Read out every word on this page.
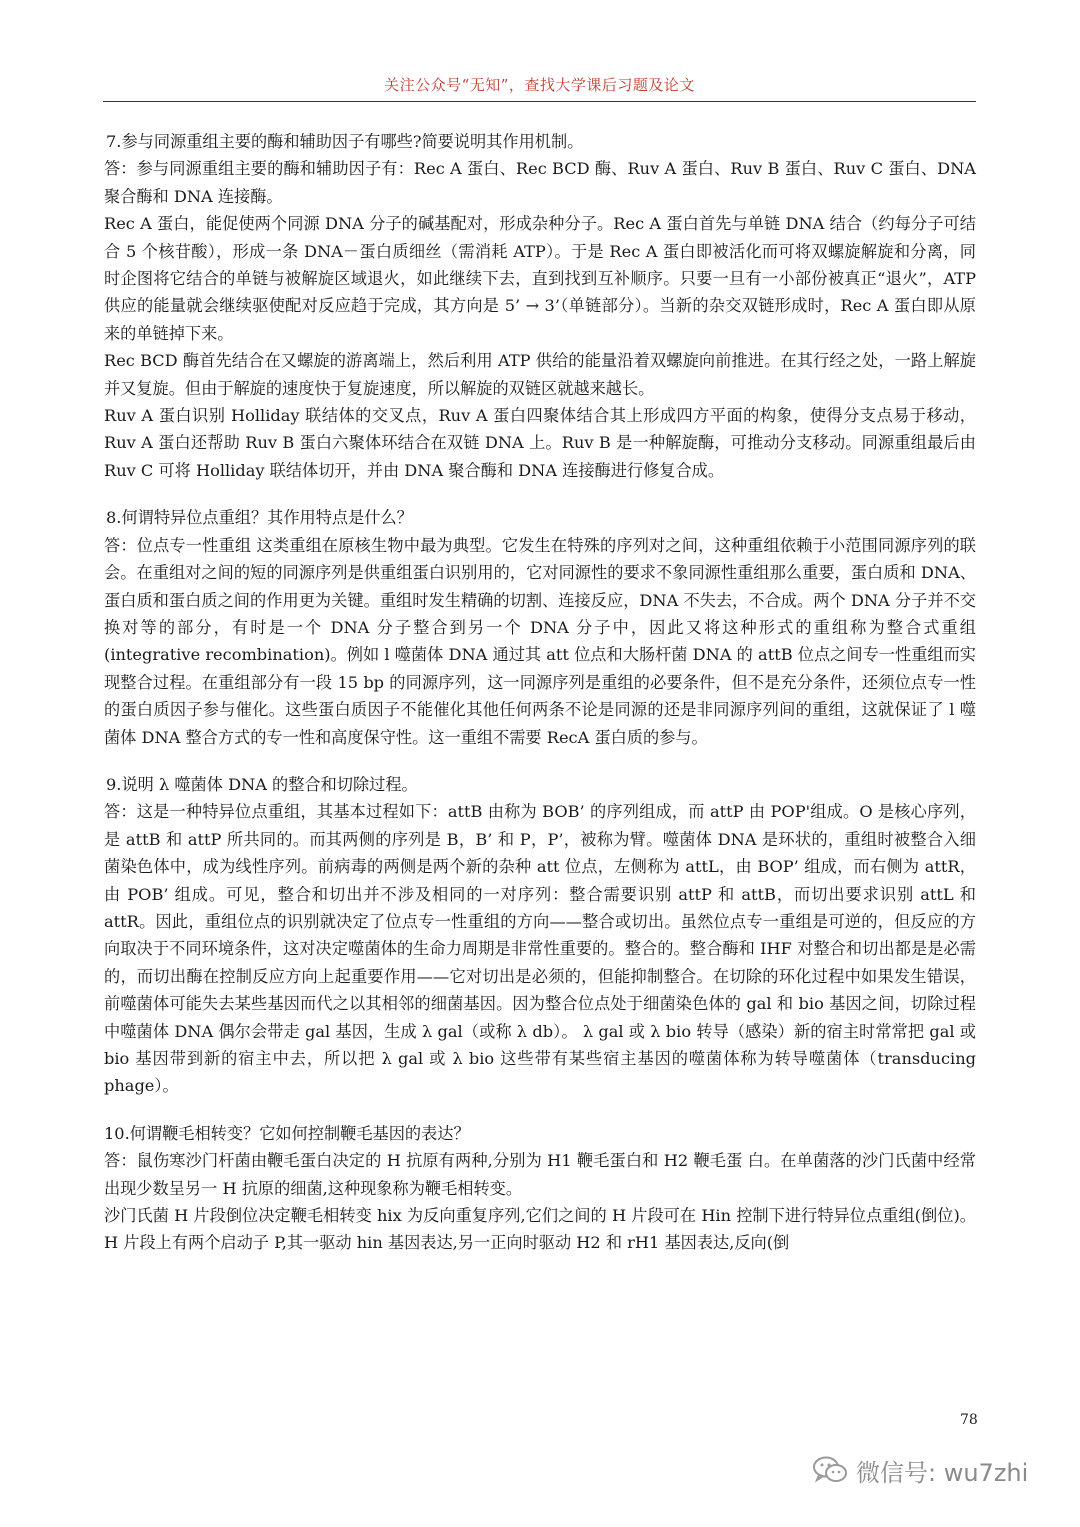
关注公众号“无知”，查找大学课后习题及论文

7.参与同源重组主要的酶和辅助因子有哪些?简要说明其作用机制。

答：参与同源重组主要的酶和辅助因子有：Rec A 蛋白、Rec BCD 酶、Ruv A 蛋白、Ruv B 蛋白、Ruv C 蛋白、DNA 聚合酶和 DNA 连接酶。

Rec A 蛋白，能促使两个同源 DNA 分子的碱基配对，形成杂种分子。Rec A 蛋白首先与单链 DNA 结合（约每分子可结合 5 个核苷酸），形成一条 DNA－蛋白质细丝（需消耗 ATP）。于是 Rec A 蛋白即被活化而可将双螺旋解旋和分离，同时企图将它结合的单链与被解旋区域退火，如此继续下去，直到找到互补顺序。只要一旦有一小部份被真正“退火”，ATP 供应的能量就会继续驱使配对反应趋于完成，其方向是 5’ → 3’（单链部分）。当新的杂交双链形成时，Rec A 蛋白即从原来的单链掉下来。

Rec BCD 酶首先结合在又螺旋的游离端上，然后利用 ATP 供给的能量沿着双螺旋向前推进。在其行经之处，一路上解旋并又复旋。但由于解旋的速度快于复旋速度，所以解旋的双链区就越来越长。

Ruv A 蛋白识别 Holliday 联结体的交叉点，Ruv A 蛋白四聚体结合其上形成四方平面的构象，使得分支点易于移动，Ruv A 蛋白还帮助 Ruv B 蛋白六聚体环结合在双链 DNA 上。Ruv B 是一种解旋酶，可推动分支移动。同源重组最后由 Ruv C 可将 Holliday 联结体切开，并由 DNA 聚合酶和 DNA 连接酶进行修复合成。

8.何谓特异位点重组？其作用特点是什么？

答：位点专一性重组 这类重组在原核生物中最为典型。它发生在特殊的序列对之间，这种重组依赖于小范围同源序列的联会。在重组对之间的短的同源序列是供重组蛋白识别用的，它对同源性的要求不象同源性重组那么重要，蛋白质和 DNA、蛋白质和蛋白质之间的作用更为关键。重组时发生精确的切割、连接反应，DNA 不失去，不合成。两个 DNA 分子并不交换对等的部分，有时是一个 DNA 分子整合到另一个 DNA 分子中，因此又将这种形式的重组称为整合式重组(integrative recombination)。例如 l 噬菌体 DNA 通过其 att 位点和大肠杆菌 DNA 的 attB 位点之间专一性重组而实现整合过程。在重组部分有一段 15 bp 的同源序列，这一同源序列是重组的必要条件，但不是充分条件，还须位点专一性的蛋白质因子参与催化。这些蛋白质因子不能催化其他任何两条不论是同源的还是非同源序列间的重组，这就保证了 l 噬菌体 DNA 整合方式的专一性和高度保守性。这一重组不需要 RecA 蛋白质的参与。

9.说明 λ 噬菌体 DNA 的整合和切除过程。

答：这是一种特异位点重组，其基本过程如下：attB 由称为 BOB’ 的序列组成，而 attP 由 POP'组成。O 是核心序列，是 attB 和 attP 所共同的。而其两侧的序列是 B，B’ 和 P，P’，被称为臂。噬菌体 DNA 是环状的，重组时被整合入细菌染色体中，成为线性序列。前病毒的两侧是两个新的杂种 att 位点，左侧称为 attL，由 BOP’ 组成，而右侧为 attR，由 POB’ 组成。可见，整合和切出并不涉及相同的一对序列：整合需要识别 attP 和 attB，而切出要求识别 attL 和 attR。因此，重组位点的识别就决定了位点专一性重组的方向——整合或切出。虽然位点专一重组是可逆的，但反应的方向取决于不同环境条件，这对决定噬菌体的生命力周期是非常性重要的。整合的。整合酶和 IHF 对整合和切出都是是必需的，而切出酶在控制反应方向上起重要作用——它对切出是必须的，但能抑制整合。在切除的环化过程中如果发生错误，前噬菌体可能失去某些基因而代之以其相邻的细菌基因。因为整合位点处于细菌染色体的 gal 和 bio 基因之间，切除过程中噬菌体 DNA 偶尔会带走 gal 基因，生成 λ gal（或称 λ db）。 λ gal 或 λ bio 转导（感染）新的宿主时常常把 gal 或 bio 基因带到新的宿主中去，所以把 λ gal 或 λ bio 这些带有某些宿主基因的噬菌体称为转导噬菌体（transducing phage）。

10.何谓鞭毛相转变？它如何控制鞭毛基因的表达？

答：鼠伤寒沙门杆菌由鞭毛蛋白决定的 H 抗原有两种,分别为 H1 鞭毛蛋白和 H2 鞭毛蛋 白。在单菌落的沙门氏菌中经常出现少数呈另一 H 抗原的细菌,这种现象称为鞭毛相转变。

沙门氏菌 H 片段倒位决定鞭毛相转变 hix 为反向重复序列,它们之间的 H 片段可在 Hin 控制下进行特异位点重组(倒位)。H 片段上有两个启动子 P,其一驱动 hin 基因表达,另一正向时驱动 H2 和 rH1 基因表达,反向(倒

78
微信号: wu7zhi
